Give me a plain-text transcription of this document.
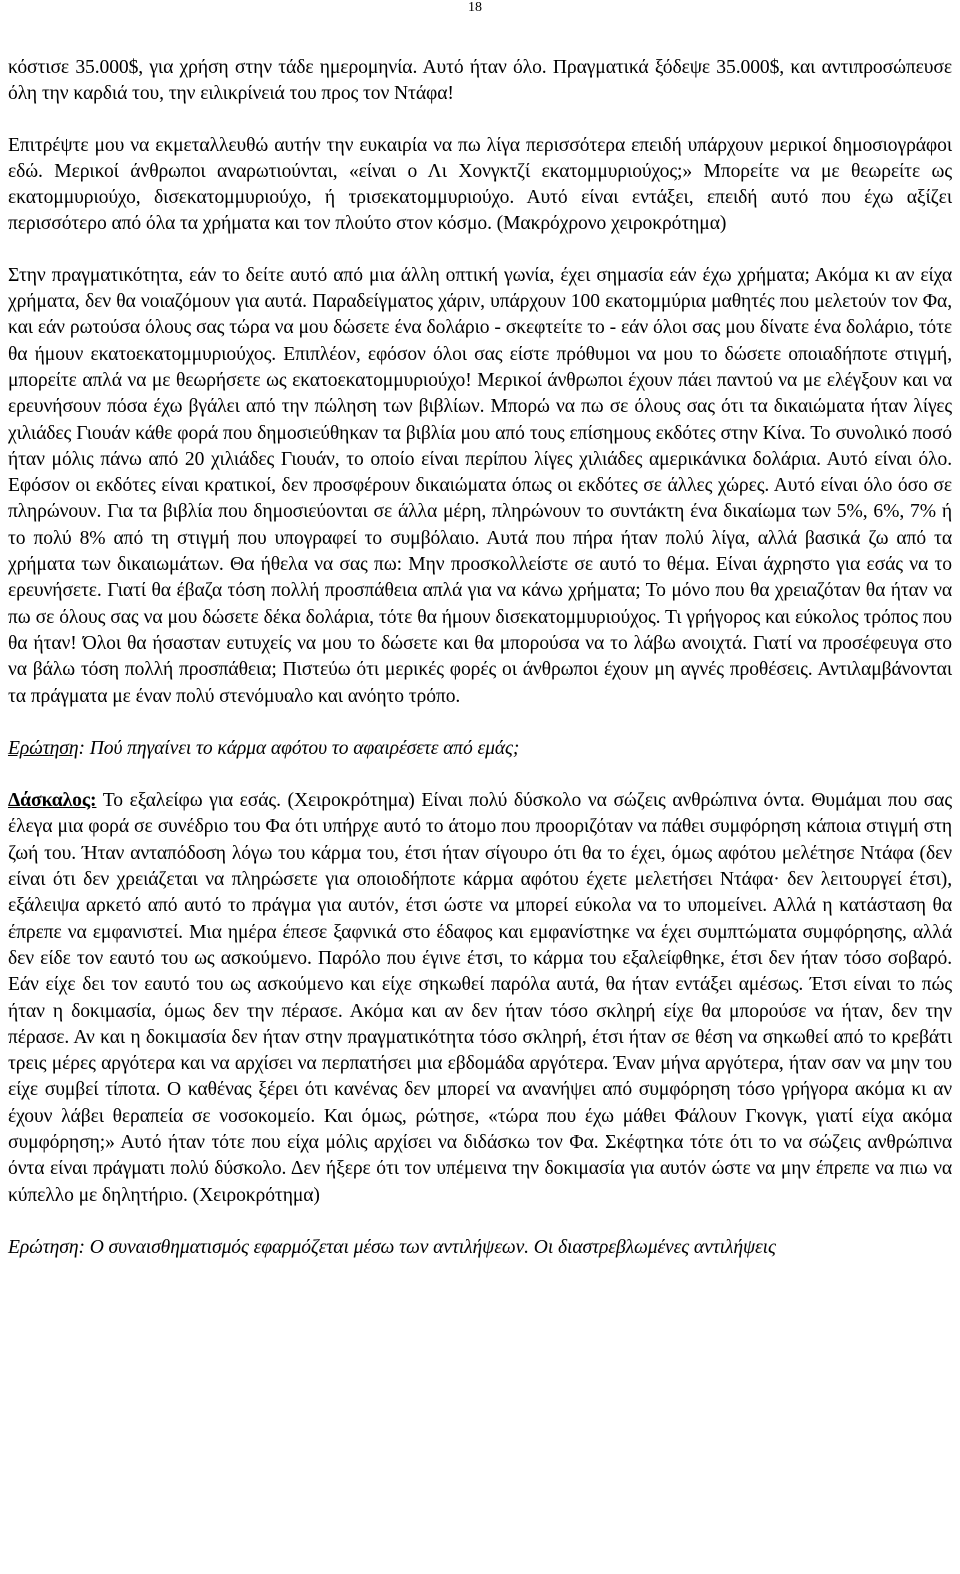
18

κόστισε 35.000$, για χρήση στην τάδε ημερομηνία. Αυτό ήταν όλο. Πραγματικά ξόδεψε 35.000$, και αντιπροσώπευσε όλη την καρδιά του, την ειλικρίνειά του προς τον Ντάφα!

Επιτρέψτε μου να εκμεταλλευθώ αυτήν την ευκαιρία να πω λίγα περισσότερα επειδή υπάρχουν μερικοί δημοσιογράφοι εδώ. Μερικοί άνθρωποι αναρωτιούνται, «είναι ο Λι Χονγκτζί εκατομμυριούχος;» Μπορείτε να με θεωρείτε ως εκατομμυριούχο, δισεκατομμυριούχο, ή τρισεκατομμυριούχο. Αυτό είναι εντάξει, επειδή αυτό που έχω αξίζει περισσότερο από όλα τα χρήματα και τον πλούτο στον κόσμο. (Μακρόχρονο χειροκρότημα)

Στην πραγματικότητα, εάν το δείτε αυτό από μια άλλη οπτική γωνία, έχει σημασία εάν έχω χρήματα; Ακόμα κι αν είχα χρήματα, δεν θα νοιαζόμουν για αυτά. Παραδείγματος χάριν, υπάρχουν 100 εκατομμύρια μαθητές που μελετούν τον Φα, και εάν ρωτούσα όλους σας τώρα να μου δώσετε ένα δολάριο - σκεφτείτε το - εάν όλοι σας μου δίνατε ένα δολάριο, τότε θα ήμουν εκατοεκατομμυριούχος. Επιπλέον, εφόσον όλοι σας είστε πρόθυμοι να μου το δώσετε οποιαδήποτε στιγμή, μπορείτε απλά να με θεωρήσετε ως εκατοεκατομμυριούχο! Μερικοί άνθρωποι έχουν πάει παντού να με ελέγξουν και να ερευνήσουν πόσα έχω βγάλει από την πώληση των βιβλίων. Μπορώ να πω σε όλους σας ότι τα δικαιώματα ήταν λίγες χιλιάδες Γιουάν κάθε φορά που δημοσιεύθηκαν τα βιβλία μου από τους επίσημους εκδότες στην Κίνα. Το συνολικό ποσό ήταν μόλις πάνω από 20 χιλιάδες Γιουάν, το οποίο είναι περίπου λίγες χιλιάδες αμερικάνικα δολάρια. Αυτό είναι όλο. Εφόσον οι εκδότες είναι κρατικοί, δεν προσφέρουν δικαιώματα όπως οι εκδότες σε άλλες χώρες. Αυτό είναι όλο όσο σε πληρώνουν. Για τα βιβλία που δημοσιεύονται σε άλλα μέρη, πληρώνουν το συντάκτη ένα δικαίωμα των 5%, 6%, 7% ή το πολύ 8% από τη στιγμή που υπογραφεί το συμβόλαιο. Αυτά που πήρα ήταν πολύ λίγα, αλλά βασικά ζω από τα χρήματα των δικαιωμάτων. Θα ήθελα να σας πω: Μην προσκολλείστε σε αυτό το θέμα. Είναι άχρηστο για εσάς να το ερευνήσετε. Γιατί θα έβαζα τόση πολλή προσπάθεια απλά για να κάνω χρήματα; Το μόνο που θα χρειαζόταν θα ήταν να πω σε όλους σας να μου δώσετε δέκα δολάρια, τότε θα ήμουν δισεκατομμυριούχος. Τι γρήγορος και εύκολος τρόπος που θα ήταν! Όλοι θα ήσασταν ευτυχείς να μου το δώσετε και θα μπορούσα να το λάβω ανοιχτά. Γιατί να προσέφευγα στο να βάλω τόση πολλή προσπάθεια; Πιστεύω ότι μερικές φορές οι άνθρωποι έχουν μη αγνές προθέσεις. Αντιλαμβάνονται τα πράγματα με έναν πολύ στενόμυαλο και ανόητο τρόπο.

Ερώτηση: Πού πηγαίνει το κάρμα αφότου το αφαιρέσετε από εμάς;

Δάσκαλος: Το εξαλείφω για εσάς. (Χειροκρότημα) Είναι πολύ δύσκολο να σώζεις ανθρώπινα όντα. Θυμάμαι που σας έλεγα μια φορά σε συνέδριο του Φα ότι υπήρχε αυτό το άτομο που προοριζόταν να πάθει συμφόρηση κάποια στιγμή στη ζωή του. Ήταν ανταπόδοση λόγω του κάρμα του, έτσι ήταν σίγουρο ότι θα το έχει, όμως αφότου μελέτησε Ντάφα (δεν είναι ότι δεν χρειάζεται να πληρώσετε για οποιοδήποτε κάρμα αφότου έχετε μελετήσει Ντάφα· δεν λειτουργεί έτσι), εξάλειψα αρκετό από αυτό το πράγμα για αυτόν, έτσι ώστε να μπορεί εύκολα να το υπομείνει. Αλλά η κατάσταση θα έπρεπε να εμφανιστεί. Μια ημέρα έπεσε ξαφνικά στο έδαφος και εμφανίστηκε να έχει συμπτώματα συμφόρησης, αλλά δεν είδε τον εαυτό του ως ασκούμενο. Παρόλο που έγινε έτσι, το κάρμα του εξαλείφθηκε, έτσι δεν ήταν τόσο σοβαρό. Εάν είχε δει τον εαυτό του ως ασκούμενο και είχε σηκωθεί παρόλα αυτά, θα ήταν εντάξει αμέσως. Έτσι είναι το πώς ήταν η δοκιμασία, όμως δεν την πέρασε. Ακόμα και αν δεν ήταν τόσο σκληρή είχε θα μπορούσε να ήταν, δεν την πέρασε. Αν και η δοκιμασία δεν ήταν στην πραγματικότητα τόσο σκληρή, έτσι ήταν σε θέση να σηκωθεί από το κρεβάτι τρεις μέρες αργότερα και να αρχίσει να περπατήσει μια εβδομάδα αργότερα. Έναν μήνα αργότερα, ήταν σαν να μην του είχε συμβεί τίποτα. Ο καθένας ξέρει ότι κανένας δεν μπορεί να ανανήψει από συμφόρηση τόσο γρήγορα ακόμα κι αν έχουν λάβει θεραπεία σε νοσοκομείο. Και όμως, ρώτησε, «τώρα που έχω μάθει Φάλουν Γκονγκ, γιατί είχα ακόμα συμφόρηση;» Αυτό ήταν τότε που είχα μόλις αρχίσει να διδάσκω τον Φα. Σκέφτηκα τότε ότι το να σώζεις ανθρώπινα όντα είναι πράγματι πολύ δύσκολο. Δεν ήξερε ότι τον υπέμεινα την δοκιμασία για αυτόν ώστε να μην έπρεπε να πιω να κύπελλο με δηλητήριο. (Χειροκρότημα)

Ερώτηση: Ο συναισθηματισμός εφαρμόζεται μέσω των αντιλήψεων. Οι διαστρεβλωμένες αντιλήψεις
